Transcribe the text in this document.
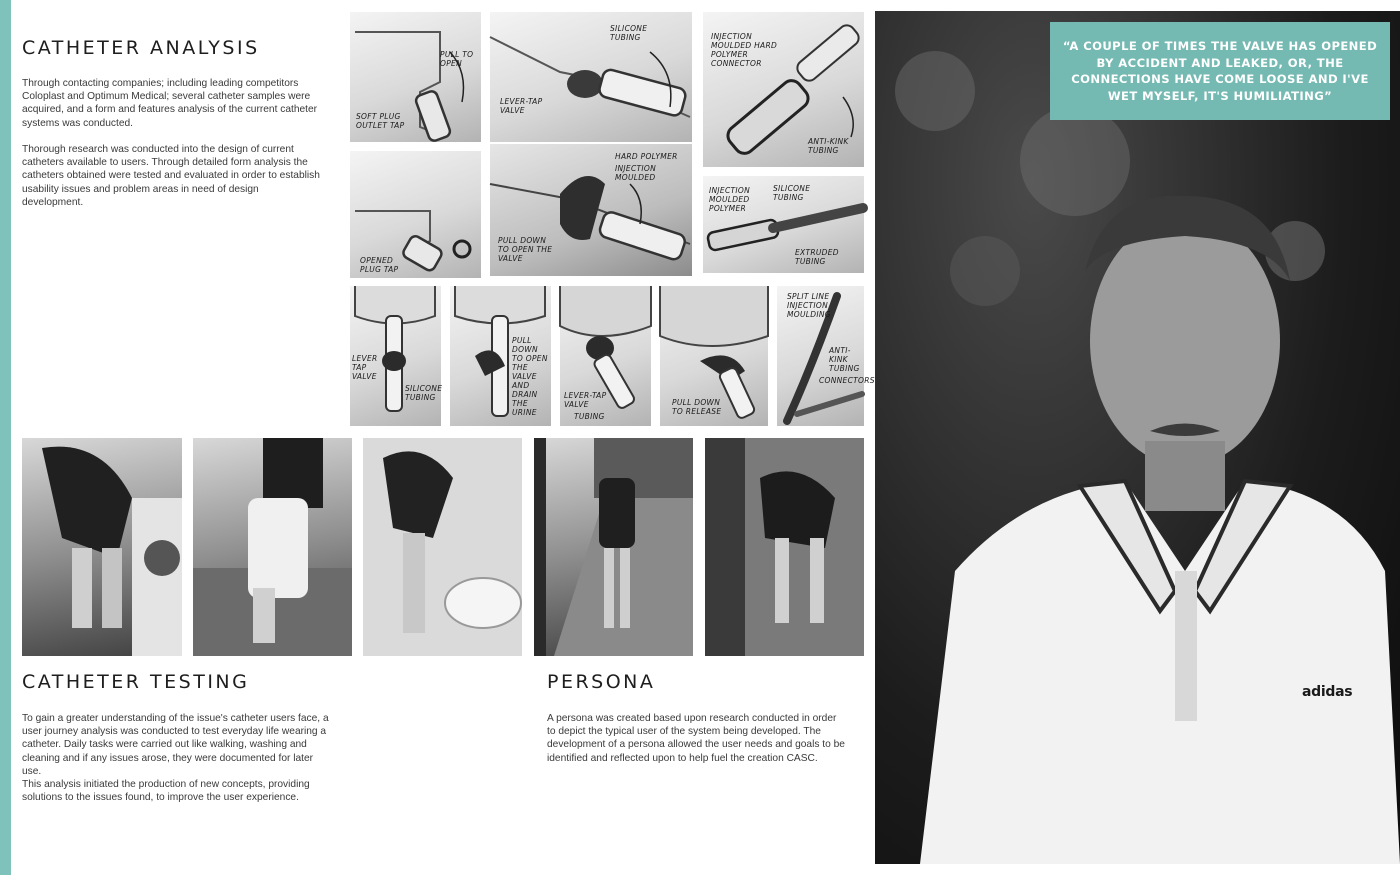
CATHETER ANALYSIS

Through contacting companies; including leading competitors Coloplast and Optimum Medical; several catheter samples were acquired, and a form and features analysis of the current catheter systems was conducted.

Thorough research was conducted into the design of current catheters available to users. Through detailed form analysis the catheters obtained were tested and evaluated in order to establish usability issues and problem areas in need of design development.

PULL TO OPEN
SOFT PLUG OUTLET TAP
SILICONE TUBING
LEVER-TAP VALVE
INJECTION MOULDED HARD POLYMER CONNECTOR
ANTI-KINK TUBING
OPENED PLUG TAP
HARD POLYMER
INJECTION MOULDED
PULL DOWN TO OPEN THE VALVE
INJECTION MOULDED POLYMER
SILICONE TUBING
EXTRUDED TUBING
LEVER TAP VALVE
SILICONE TUBING
PULL DOWN TO OPEN THE VALVE AND DRAIN THE URINE
LEVER-TAP VALVE
TUBING
PULL DOWN TO RELEASE
SPLIT LINE INJECTION MOULDING
ANTI-KINK TUBING
CONNECTORS
CATHETER TESTING

To gain a greater understanding of the issue's catheter users face, a user journey analysis was conducted to test everyday life wearing a catheter. Daily tasks were carried out like walking, washing and cleaning and if any issues arose, they were documented for later use.

This analysis initiated the production of new concepts, providing solutions to the issues found, to improve the user experience.

PERSONA

A persona was created based upon research conducted in order to depict the typical user of the system being developed. The development of a persona allowed the user needs and goals to be identified and reflected upon to help fuel the creation CASC.

adidas
“A COUPLE OF TIMES THE VALVE HAS OPENED BY ACCIDENT AND LEAKED, OR, THE CONNECTIONS HAVE COME LOOSE AND I'VE WET MYSELF, IT'S HUMILIATING”
